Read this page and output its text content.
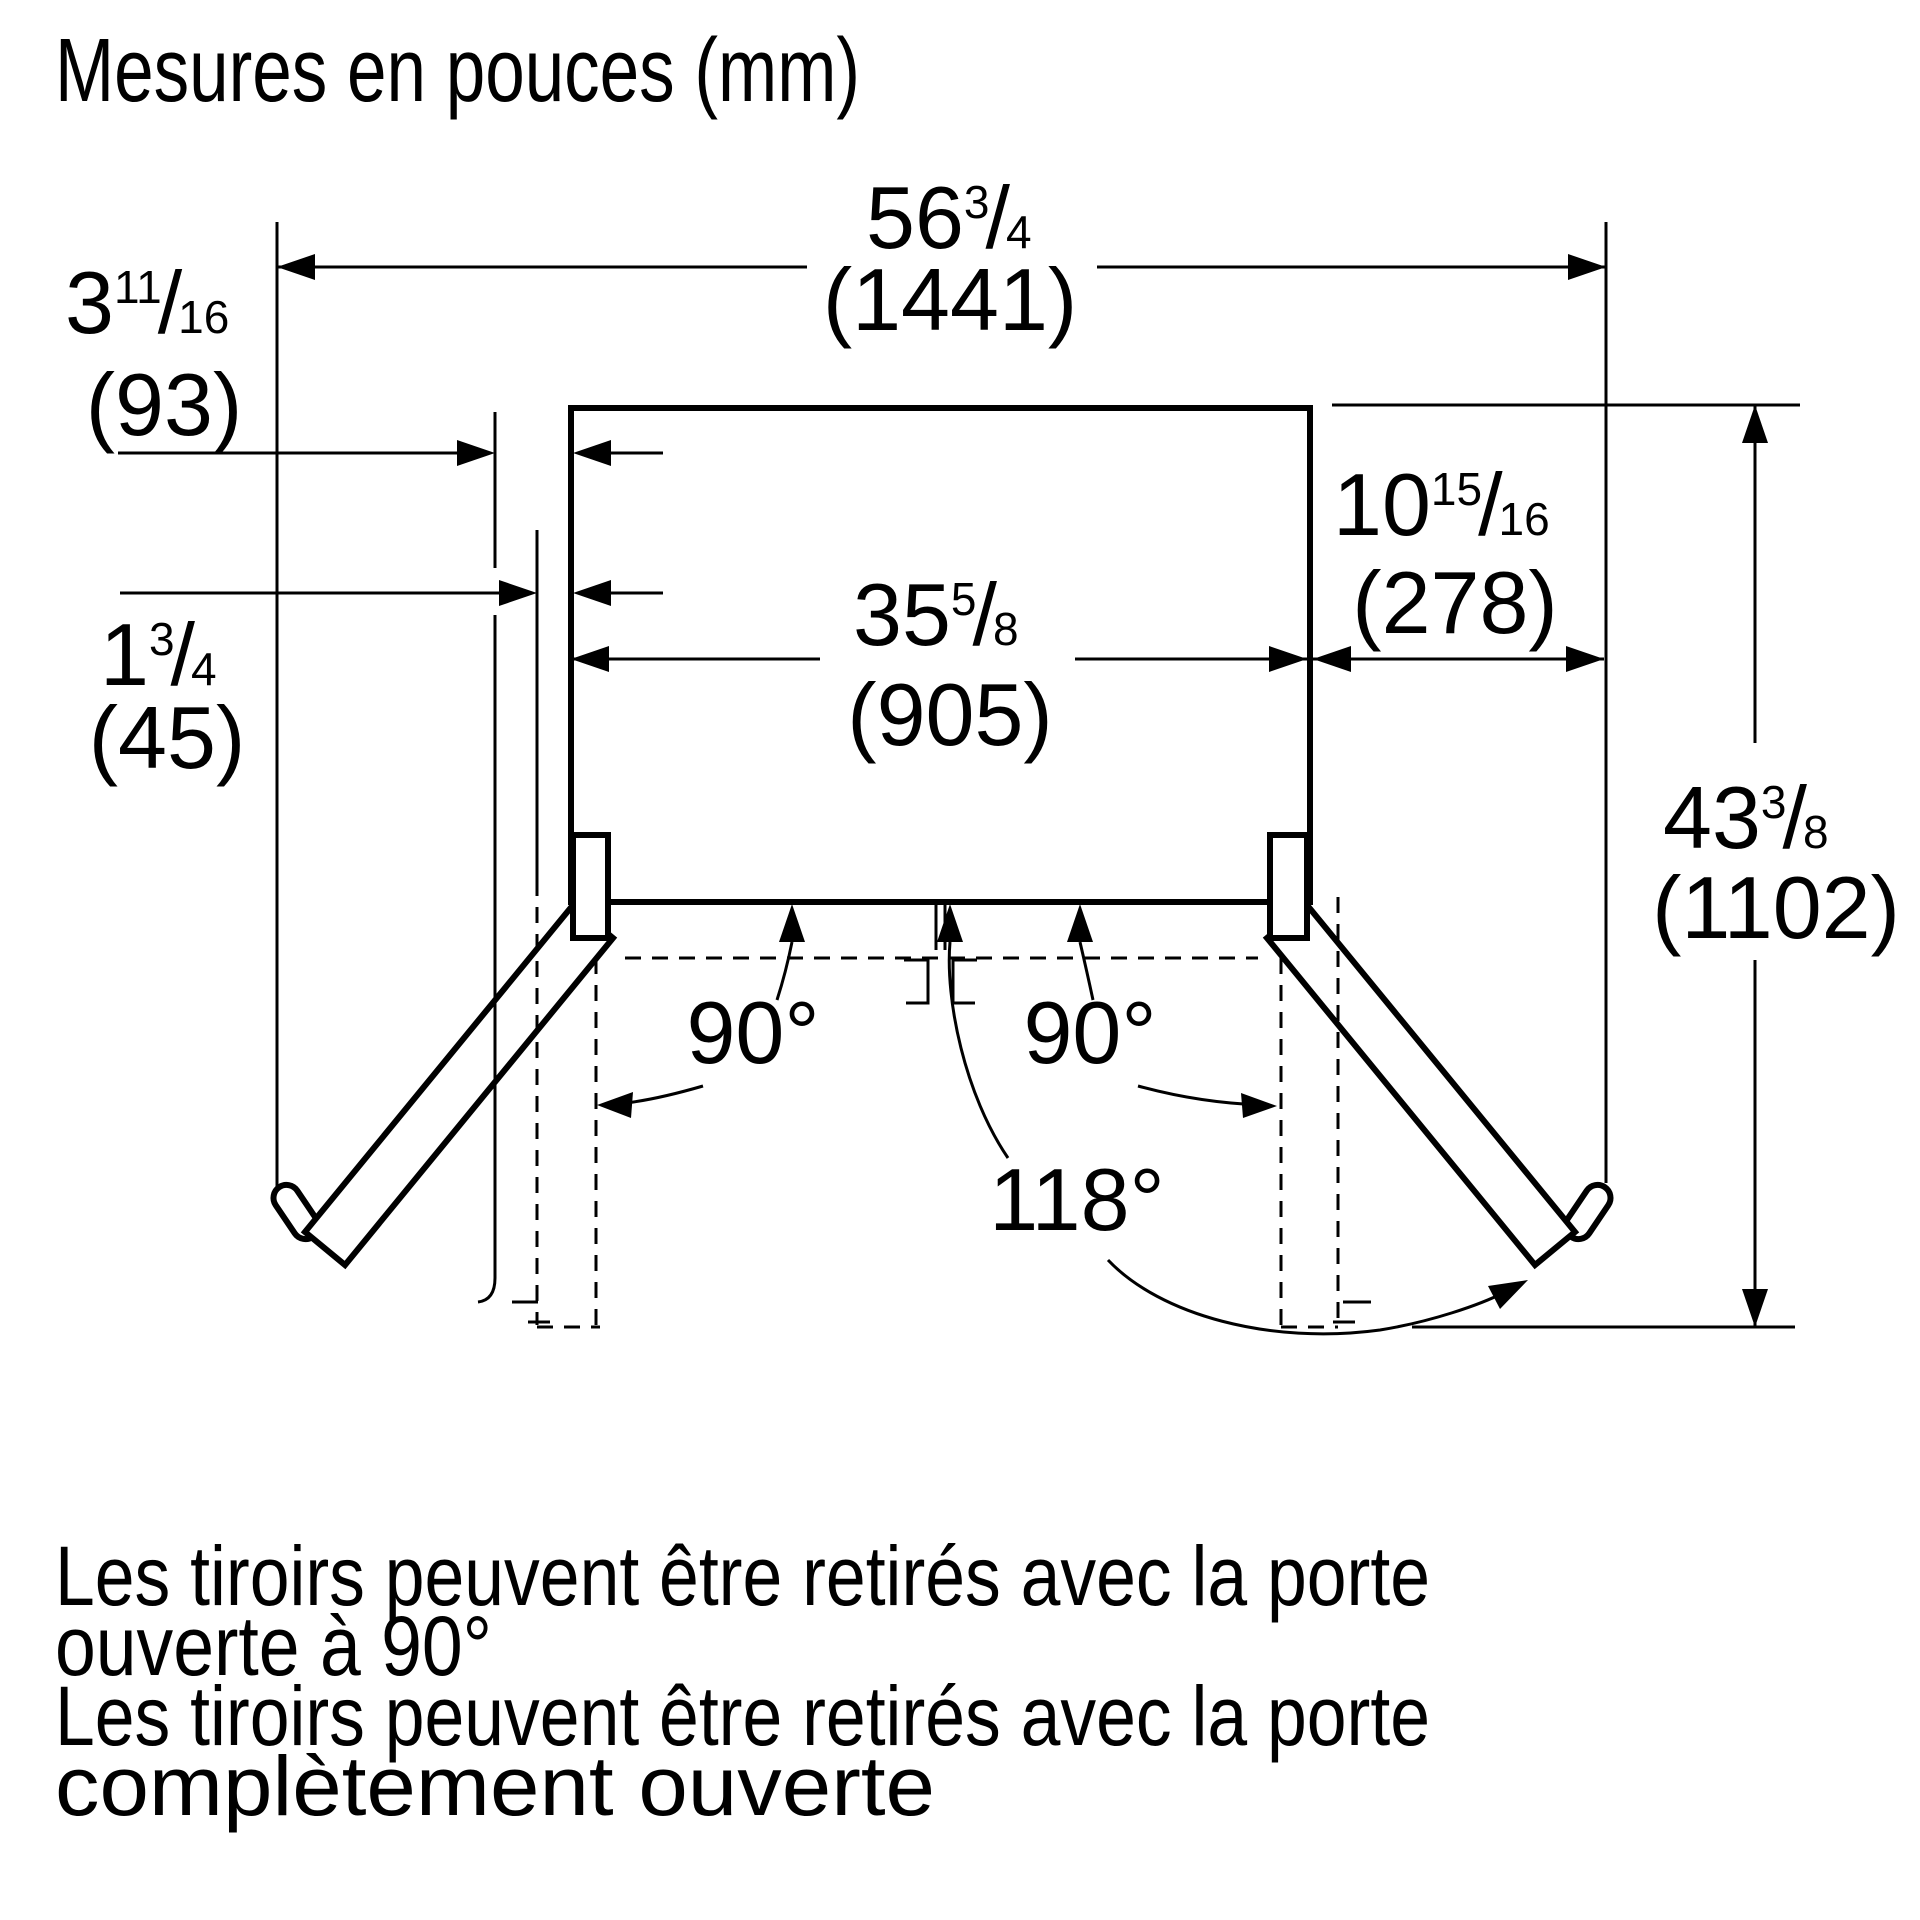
$56^3/4$
(1441)
$3^{11}/16$
(93)
$1^3/4$
(45)
$35^5/8$
(905)
$10^{15}/16$
(278)
$43^3/8$
(1102)
90° 90°
118°
Mesures en pouces (mm)
Les tiroirs peuvent être retirés avec la porte
ouverte à 90°
Les tiroirs peuvent être retirés avec la porte
complètement ouverte
